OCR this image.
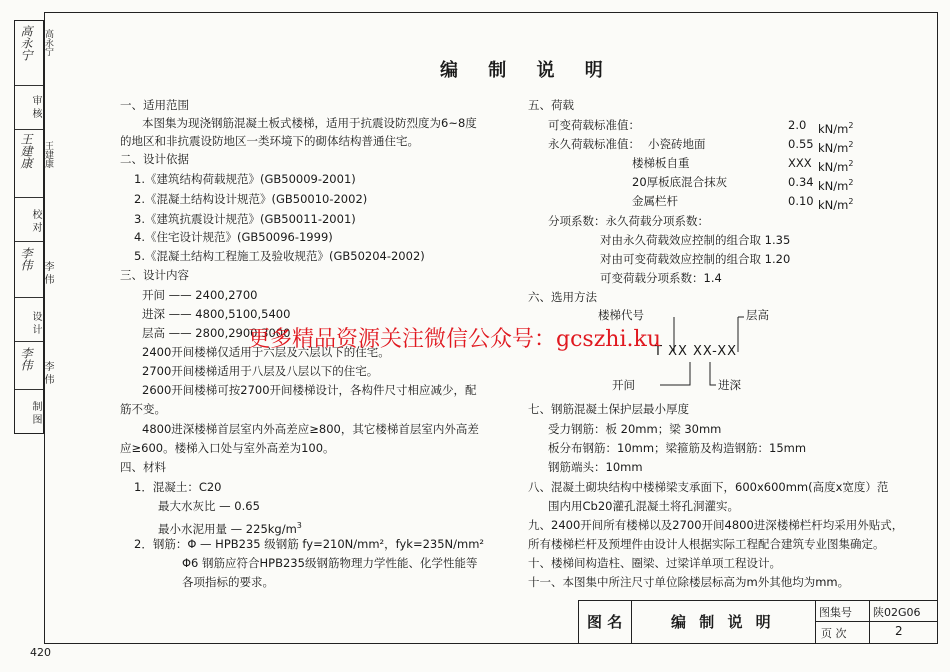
高永宁	高永宁
审 核
王建康
王建康
校 对
李伟
李 伟
设 计
李伟
李 伟
制 图
编 制 说 明
一、适用范围
本图集为现浇钢筋混凝土板式楼梯，适用于抗震设防烈度为6~8度
的地区和非抗震设防地区一类环境下的砌体结构普通住宅。
二、设计依据
1.《建筑结构荷载规范》(GB50009-2001)
2.《混凝土结构设计规范》(GB50010-2002)
3.《建筑抗震设计规范》(GB50011-2001)
4.《住宅设计规范》(GB50096-1999)
5.《混凝土结构工程施工及验收规范》(GB50204-2002)
三、设计内容
开间 —— 2400,2700
进深 —— 4800,5100,5400
层高 —— 2800,2900,3000
2400开间楼梯仅适用于六层及六层以下的住宅。
2700开间楼梯适用于八层及八层以下的住宅。
2600开间楼梯可按2700开间楼梯设计，各构件尺寸相应减少，配
筋不变。
4800进深楼梯首层室内外高差应≥800，其它楼梯首层室内外高差
应≥600。楼梯入口处与室外高差为100。
四、材料
1．混凝土：C20
最大水灰比 — 0.65
最小水泥用量 — $225kg/m^3$
2．钢筋：Φ — HPB235 级钢筋 fy=210N/mm²，fyk=235N/mm²
Φ6 钢筋应符合HPB235级钢筋物理力学性能、化学性能等
各项指标的要求。
五、荷载
可变荷载标准值：	2.0 $kN/m^2$
永久荷载标准值： 小瓷砖地面	0.55 $kN/m^2$
楼梯板自重	XXX $kN/m^2$
20厚板底混合抹灰	0.34 $kN/m^2$
金属栏杆	0.10 $kN/m^2$
分项系数：永久荷载分项系数：
对由永久荷载效应控制的组合取 1.35
对由可变荷载效应控制的组合取 1.20
可变荷载分项系数：1.4
六、选用方法
楼梯代号	层高
T XX XX-XX
开间	进深
七、钢筋混凝土保护层最小厚度
受力钢筋：板 20mm；梁 30mm
板分布钢筋：10mm；梁箍筋及构造钢筋：15mm
钢筋端头：10mm
八、混凝土砌块结构中楼梯梁支承面下，600x600mm(高度x宽度）范
围内用Cb20灌孔混凝土将孔洞灌实。
九、2400开间所有楼梯以及2700开间4800进深楼梯栏杆均采用外贴式，
所有楼梯栏杆及预埋件由设计人根据实际工程配合建筑专业图集确定。
十、楼梯间构造柱、圈梁、过梁详单项工程设计。
十一、本图集中所注尺寸单位除楼层标高为m外其他均为mm。
更多精品资源关注微信公众号：gcszhi.ku
图 名	编 制 说 明
图集号 陕02G06
页 次	2
420
